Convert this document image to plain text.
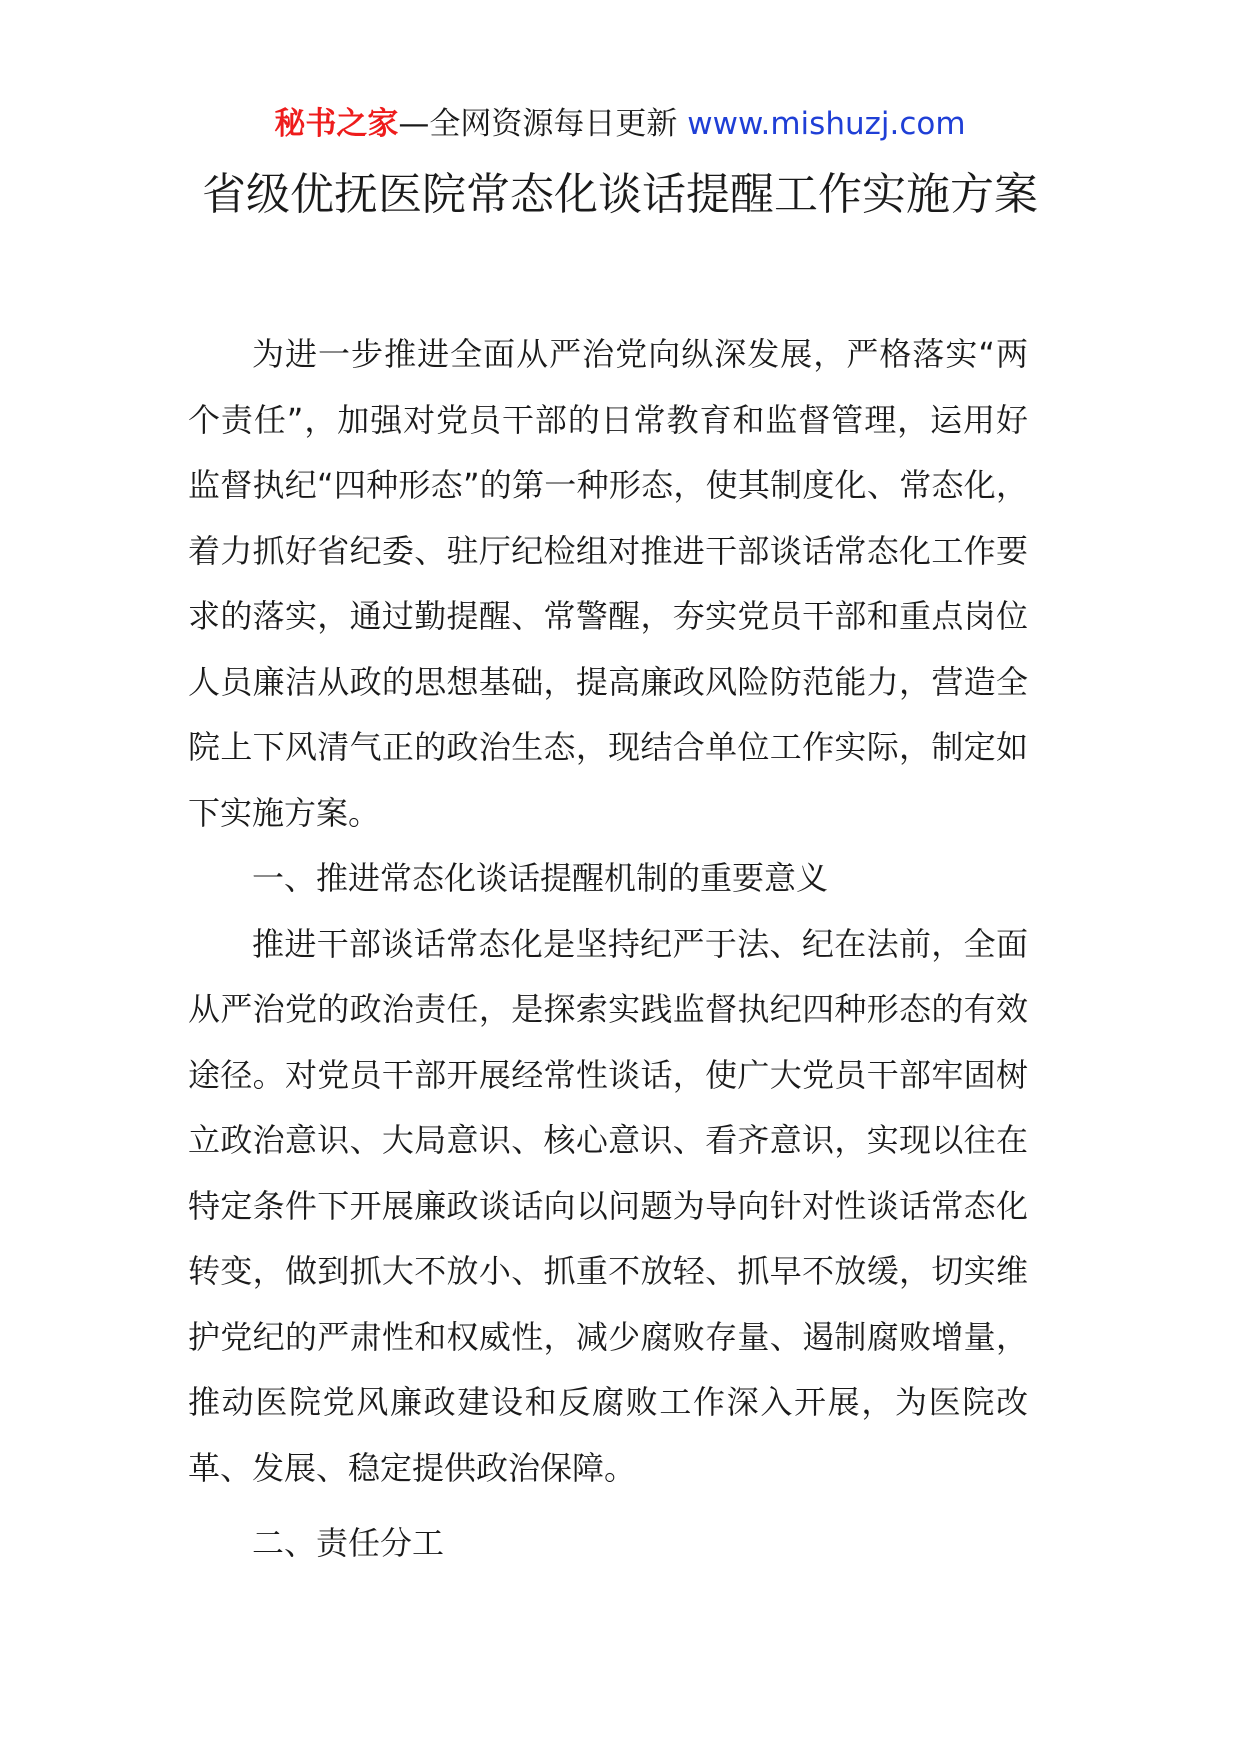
秘书之家—全网资源每日更新 www.mishuzj.com
省级优抚医院常态化谈话提醒工作实施方案

为进一步推进全面从严治党向纵深发展，严格落实“两个责任”，加强对党员干部的日常教育和监督管理，运用好监督执纪“四种形态”的第一种形态，使其制度化、常态化，着力抓好省纪委、驻厅纪检组对推进干部谈话常态化工作要求的落实，通过勤提醒、常警醒，夯实党员干部和重点岗位人员廉洁从政的思想基础，提高廉政风险防范能力，营造全院上下风清气正的政治生态，现结合单位工作实际，制定如下实施方案。

一、推进常态化谈话提醒机制的重要意义

推进干部谈话常态化是坚持纪严于法、纪在法前，全面从严治党的政治责任，是探索实践监督执纪四种形态的有效途径。对党员干部开展经常性谈话，使广大党员干部牢固树立政治意识、大局意识、核心意识、看齐意识，实现以往在特定条件下开展廉政谈话向以问题为导向针对性谈话常态化转变，做到抓大不放小、抓重不放轻、抓早不放缓，切实维护党纪的严肃性和权威性，减少腐败存量、遏制腐败增量，推动医院党风廉政建设和反腐败工作深入开展，为医院改革、发展、稳定提供政治保障。

二、责任分工
